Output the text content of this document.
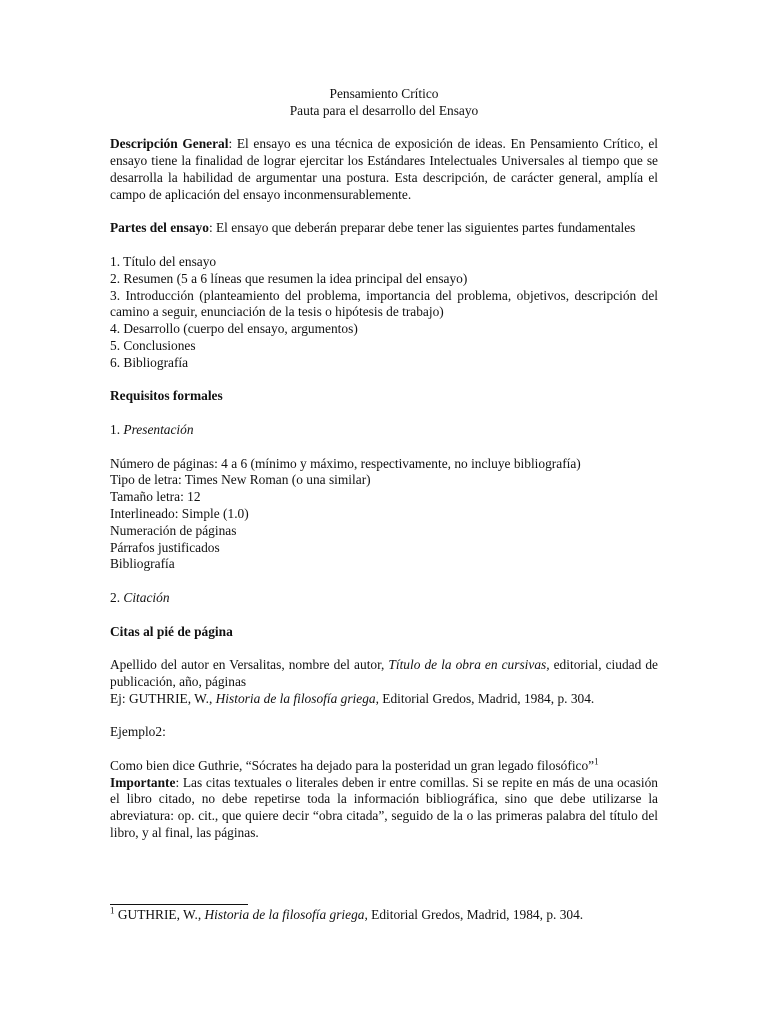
Pensamiento Crítico
Pauta para el desarrollo del Ensayo

Descripción General: El ensayo es una técnica de exposición de ideas. En Pensamiento Crítico, el ensayo tiene la finalidad de lograr ejercitar los Estándares Intelectuales Universales al tiempo que se desarrolla la habilidad de argumentar una postura. Esta descripción, de carácter general, amplía el campo de aplicación del ensayo inconmensurablemente.

Partes del ensayo: El ensayo que deberán preparar debe tener las siguientes partes fundamentales

1. Título del ensayo
2. Resumen (5 a 6 líneas que resumen la idea principal del ensayo)
3. Introducción (planteamiento del problema, importancia del problema, objetivos, descripción del camino a seguir, enunciación de la tesis o hipótesis de trabajo)
4. Desarrollo (cuerpo del ensayo, argumentos)
5. Conclusiones
6. Bibliografía
Requisitos formales
1. Presentación
Número de páginas: 4 a 6 (mínimo y máximo, respectivamente, no incluye bibliografía)
Tipo de letra: Times New Roman (o una similar)
Tamaño letra: 12
Interlineado: Simple (1.0)
Numeración de páginas
Párrafos justificados
Bibliografía
2. Citación
Citas al pié de página

Apellido del autor en Versalitas, nombre del autor, Título de la obra en cursivas, editorial, ciudad de publicación, año, páginas

Ej: GUTHRIE, W., Historia de la filosofía griega, Editorial Gredos, Madrid, 1984, p. 304.

Ejemplo2:

Como bien dice Guthrie, “Sócrates ha dejado para la posteridad un gran legado filosófico”$^1$

Importante: Las citas textuales o literales deben ir entre comillas. Si se repite en más de una ocasión el libro citado, no debe repetirse toda la información bibliográfica, sino que debe utilizarse la abreviatura: op. cit., que quiere decir “obra citada”, seguido de la o las primeras palabra del título del libro, y al final, las páginas.

$^1$ GUTHRIE, W., Historia de la filosofía griega, Editorial Gredos, Madrid, 1984, p. 304.
